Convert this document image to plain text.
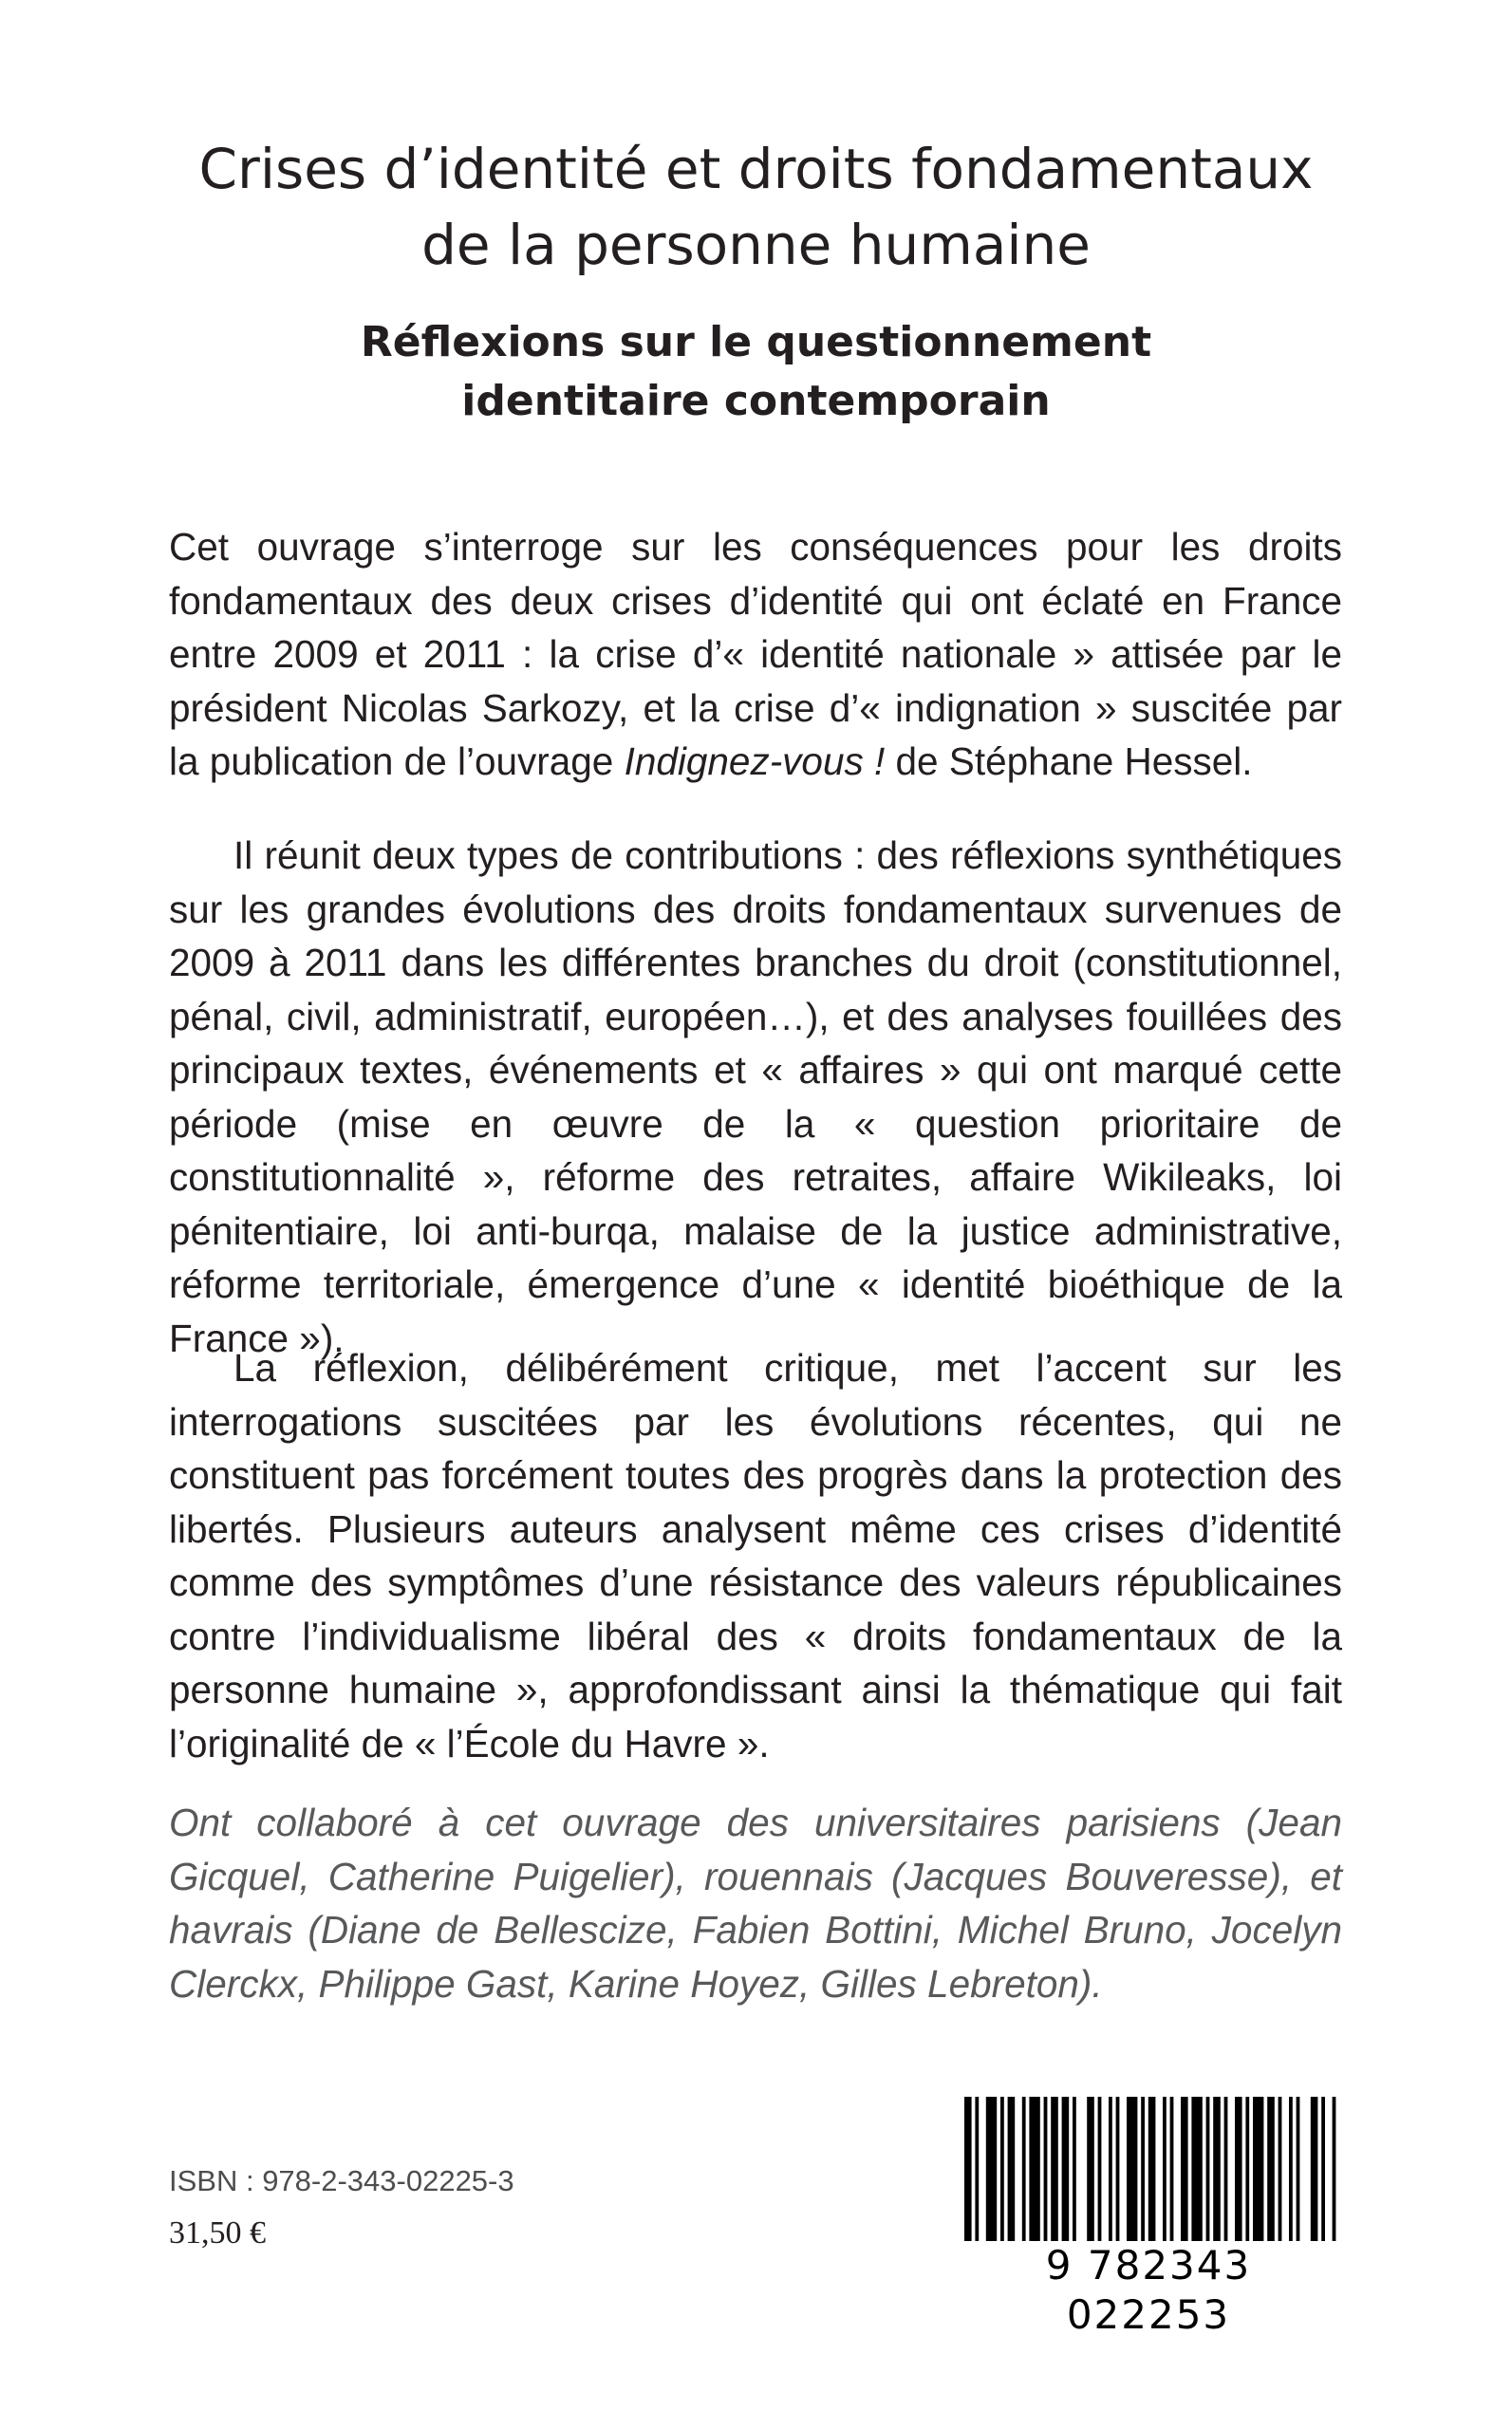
Crises d’identité et droits fondamentaux
de la personne humaine
Réflexions sur le questionnement
identitaire contemporain

Cet ouvrage s’interroge sur les conséquences pour les droits fondamentaux des deux crises d’identité qui ont éclaté en France entre 2009 et 2011 : la crise d’« identité nationale » attisée par le président Nicolas Sarkozy, et la crise d’« indignation » suscitée par la publication de l’ouvrage Indignez-vous ! de Stéphane Hessel.

Il réunit deux types de contributions : des réflexions synthétiques sur les grandes évolutions des droits fondamentaux survenues de 2009 à 2011 dans les différentes branches du droit (constitutionnel, pénal, civil, administratif, européen…), et des analyses fouillées des principaux textes, événements et « affaires » qui ont marqué cette période (mise en œuvre de la « question prioritaire de constitutionnalité », réforme des retraites, affaire Wikileaks, loi pénitentiaire, loi anti-burqa, malaise de la justice administrative, réforme territoriale, émergence d’une « identité bioéthique de la France »).

La réflexion, délibérément critique, met l’accent sur les interrogations suscitées par les évolutions récentes, qui ne constituent pas forcément toutes des progrès dans la protection des libertés. Plusieurs auteurs analysent même ces crises d’identité comme des symptômes d’une résistance des valeurs républicaines contre l’individualisme libéral des « droits fondamentaux de la personne humaine », approfondissant ainsi la thématique qui fait l’originalité de « l’École du Havre ».

Ont collaboré à cet ouvrage des universitaires parisiens (Jean Gicquel, Catherine Puigelier), rouennais (Jacques Bouveresse), et havrais (Diane de Bellescize, Fabien Bottini, Michel Bruno, Jocelyn Clerckx, Philippe Gast, Karine Hoyez, Gilles Lebreton).

ISBN : 978-2-343-02225-3

31,50 €

9 782343 022253
